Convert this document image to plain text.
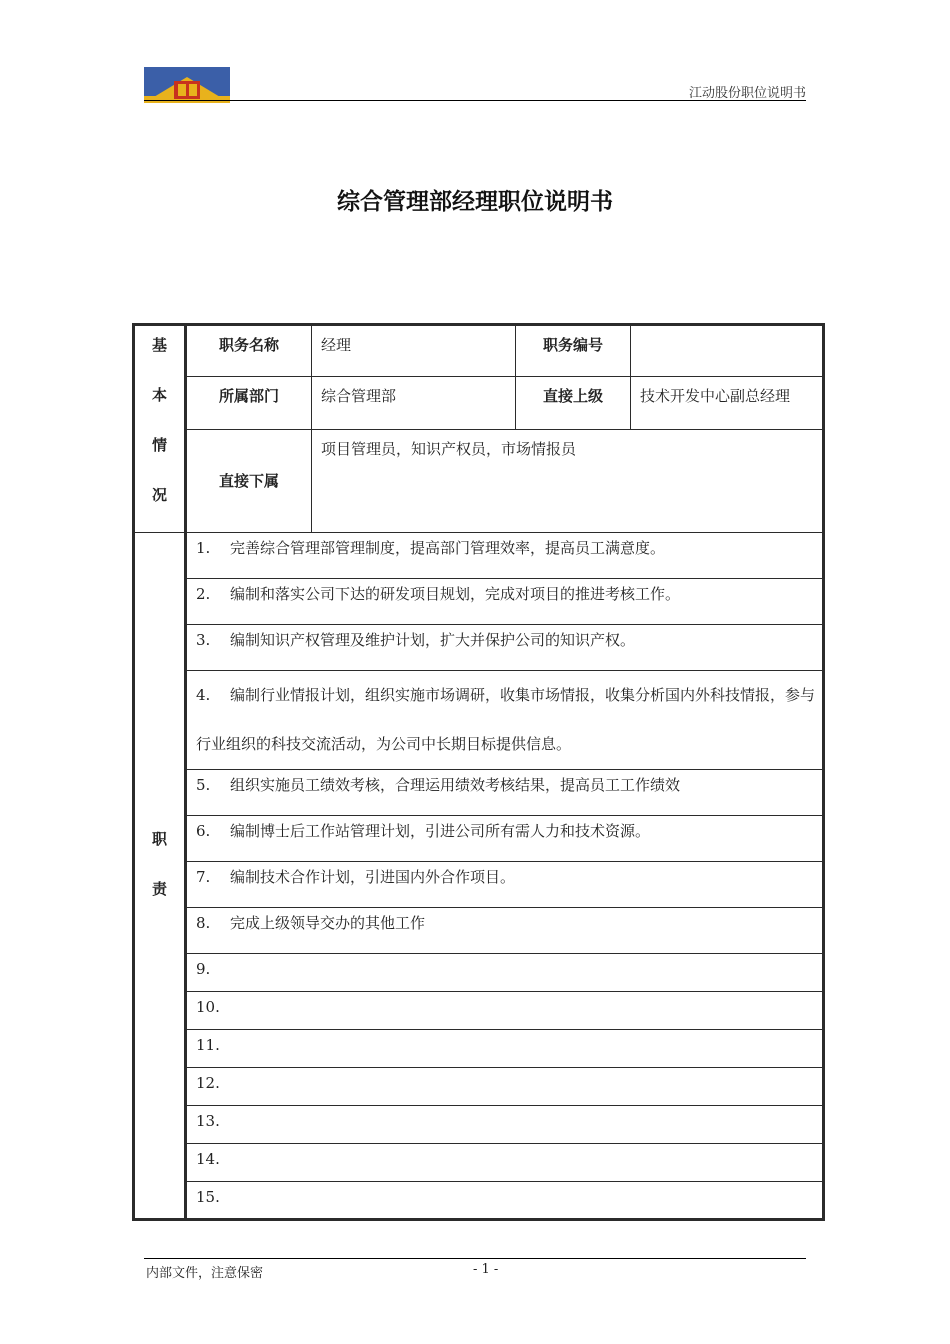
江动股份职位说明书
综合管理部经理职位说明书
基
本
情
况	职务名称	经理	职务编号	
	所属部门	综合管理部	直接上级	技术开发中心副总经理
	直接下属	项目管理员，知识产权员，市场情报员		

职
责	1. 完善综合管理部管理制度，提高部门管理效率，提高员工满意度。			
	2. 编制和落实公司下达的研发项目规划，完成对项目的推进考核工作。			
	3. 编制知识产权管理及维护计划，扩大并保护公司的知识产权。			
	4. 编制行业情报计划，组织实施市场调研，收集市场情报，收集分析国内外科技情报，参与行业组织的科技交流活动，为公司中长期目标提供信息。			
	5. 组织实施员工绩效考核，合理运用绩效考核结果，提高员工工作绩效			
	6. 编制博士后工作站管理计划，引进公司所有需人力和技术资源。			
	7. 编制技术合作计划，引进国内外合作项目。			
	8. 完成上级领导交办的其他工作			
	9.			
	10.			
	11.			
	12.			
	13.			
	14.			
	15.			
内部文件，注意保密	- 1 -
